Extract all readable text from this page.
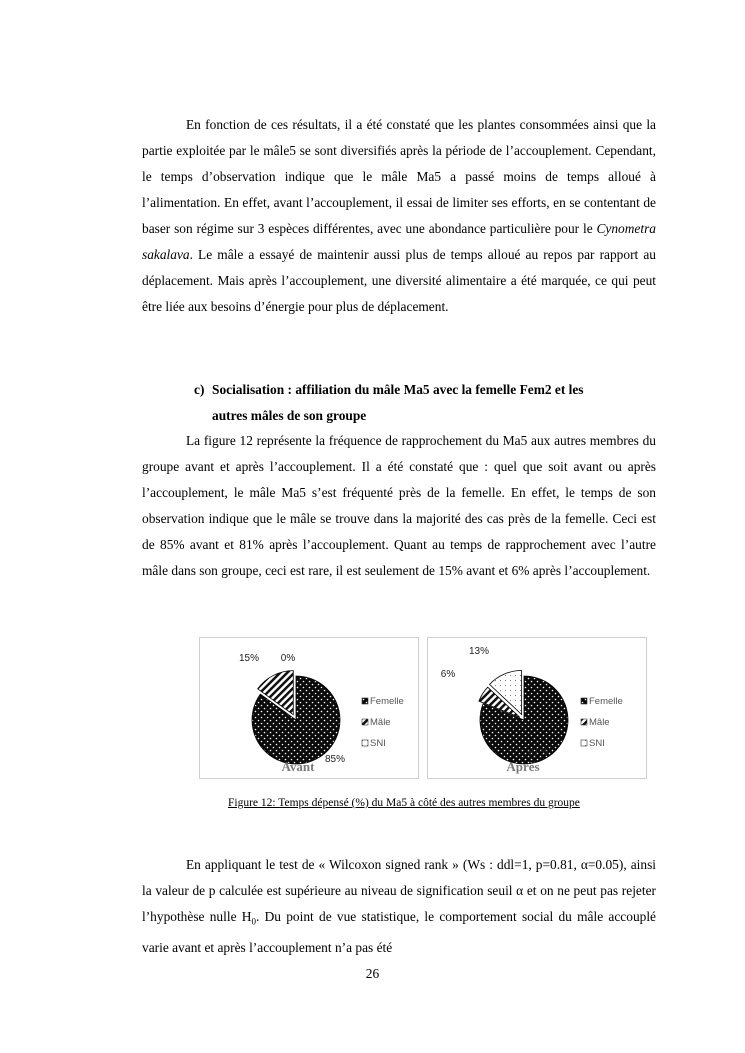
En fonction de ces résultats, il a été constaté que les plantes consommées ainsi que la partie exploitée par le mâle5 se sont diversifiés après la période de l’accouplement. Cependant, le temps d’observation indique que le mâle Ma5 a passé moins de temps alloué à l’alimentation. En effet, avant l’accouplement, il essai de limiter ses efforts, en se contentant de baser son régime sur 3 espèces différentes, avec une abondance particulière pour le Cynometra sakalava. Le mâle a essayé de maintenir aussi plus de temps alloué au repos par rapport au déplacement. Mais après l’accouplement, une diversité alimentaire a été marquée, ce qui peut être liée aux besoins d’énergie pour plus de déplacement.

c) Socialisation : affiliation du mâle Ma5 avec la femelle Fem2 et les
autres mâles de son groupe

La figure 12 représente la fréquence de rapprochement du Ma5 aux autres membres du groupe avant et après l’accouplement. Il a été constaté que : quel que soit avant ou après l’accouplement, le mâle Ma5 s’est fréquenté près de la femelle. En effet, le temps de son observation indique que le mâle se trouve dans la majorité des cas près de la femelle. Ceci est de 85% avant et 81% après l’accouplement. Quant au temps de rapprochement avec l’autre mâle dans son groupe, ceci est rare, il est seulement de 15% avant et 6% après l’accouplement.

85%
15% 0%
Femelle
Mâle
SNI
Avant
81%
6%
13%
Femelle
Mâle
SNI
Après
Figure 12: Temps dépensé (%) du Ma5 à côté des autres membres du groupe

En appliquant le test de « Wilcoxon signed rank » (Ws : ddl=1, p=0.81, α=0.05), ainsi la valeur de p calculée est supérieure au niveau de signification seuil α et on ne peut pas rejeter l’hypothèse nulle $H_0$. Du point de vue statistique, le comportement social du mâle accouplé varie avant et après l’accouplement n’a pas été

26
